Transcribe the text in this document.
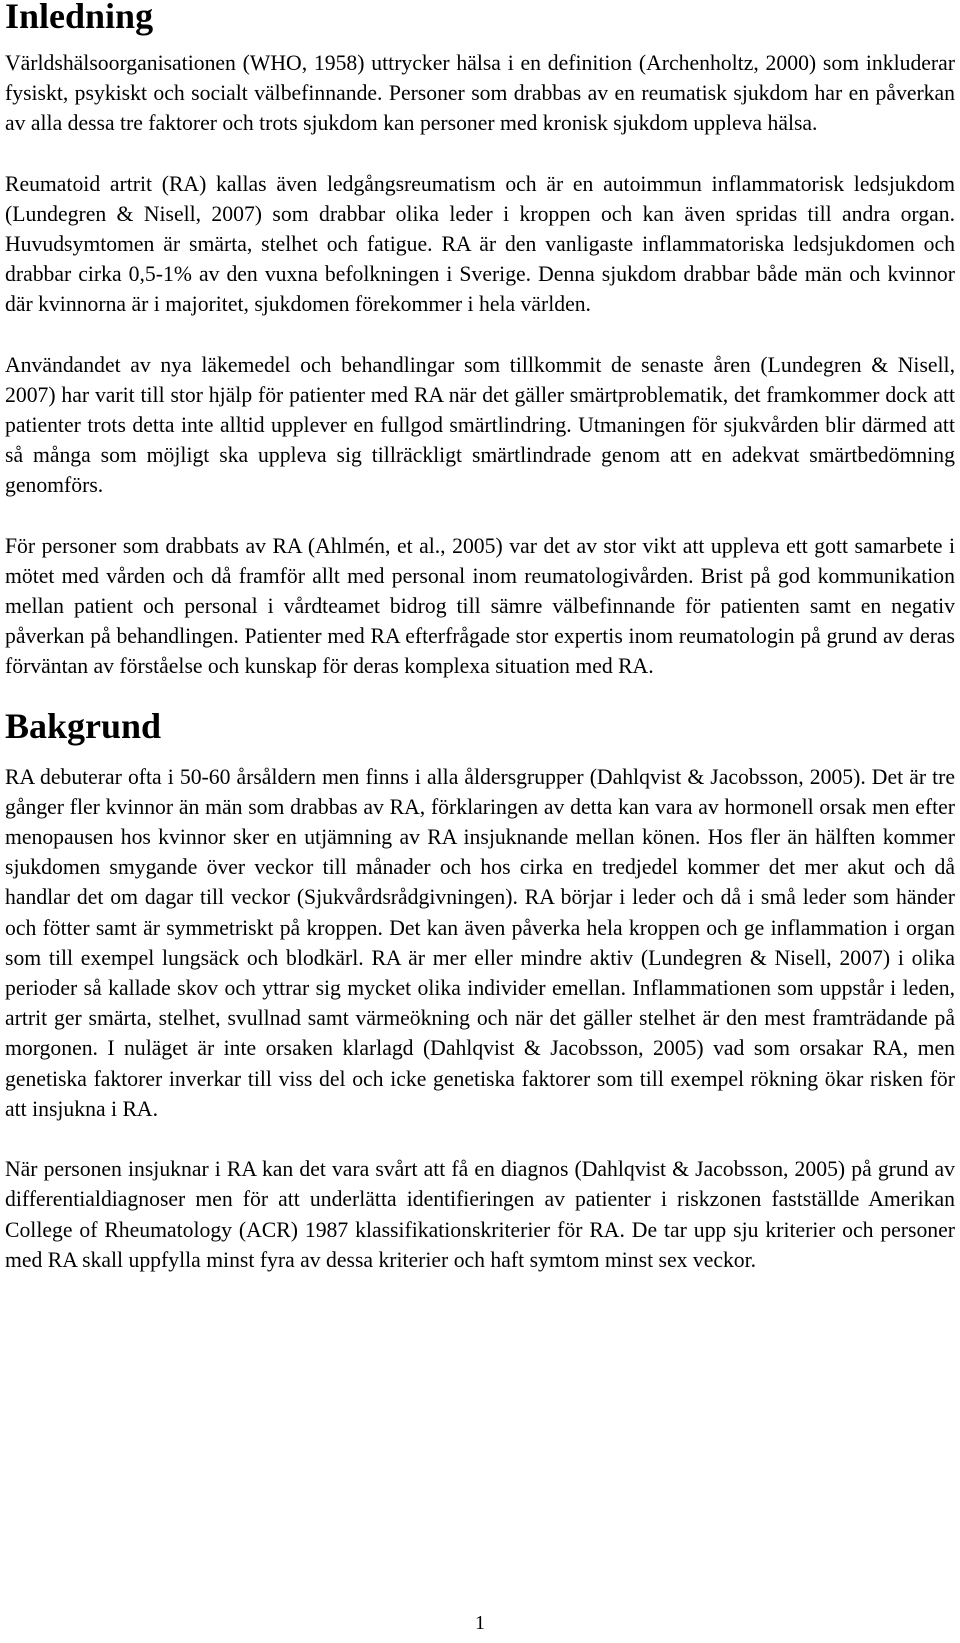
Inledning

Världshälsoorganisationen (WHO, 1958) uttrycker hälsa i en definition (Archenholtz, 2000) som inkluderar fysiskt, psykiskt och socialt välbefinnande. Personer som drabbas av en reumatisk sjukdom har en påverkan av alla dessa tre faktorer och trots sjukdom kan personer med kronisk sjukdom uppleva hälsa.

Reumatoid artrit (RA) kallas även ledgångsreumatism och är en autoimmun inflammatorisk ledsjukdom (Lundegren & Nisell, 2007) som drabbar olika leder i kroppen och kan även spridas till andra organ. Huvudsymtomen är smärta, stelhet och fatigue. RA är den vanligaste inflammatoriska ledsjukdomen och drabbar cirka 0,5-1% av den vuxna befolkningen i Sverige. Denna sjukdom drabbar både män och kvinnor där kvinnorna är i majoritet, sjukdomen förekommer i hela världen.

Användandet av nya läkemedel och behandlingar som tillkommit de senaste åren (Lundegren & Nisell, 2007) har varit till stor hjälp för patienter med RA när det gäller smärtproblematik, det framkommer dock att patienter trots detta inte alltid upplever en fullgod smärtlindring. Utmaningen för sjukvården blir därmed att så många som möjligt ska uppleva sig tillräckligt smärtlindrade genom att en adekvat smärtbedömning genomförs.

För personer som drabbats av RA (Ahlmén, et al., 2005) var det av stor vikt att uppleva ett gott samarbete i mötet med vården och då framför allt med personal inom reumatologivården. Brist på god kommunikation mellan patient och personal i vårdteamet bidrog till sämre välbefinnande för patienten samt en negativ påverkan på behandlingen. Patienter med RA efterfrågade stor expertis inom reumatologin på grund av deras förväntan av förståelse och kunskap för deras komplexa situation med RA.

Bakgrund

RA debuterar ofta i 50-60 årsåldern men finns i alla åldersgrupper (Dahlqvist & Jacobsson, 2005). Det är tre gånger fler kvinnor än män som drabbas av RA, förklaringen av detta kan vara av hormonell orsak men efter menopausen hos kvinnor sker en utjämning av RA insjuknande mellan könen. Hos fler än hälften kommer sjukdomen smygande över veckor till månader och hos cirka en tredjedel kommer det mer akut och då handlar det om dagar till veckor (Sjukvårdsrådgivningen). RA börjar i leder och då i små leder som händer och fötter samt är symmetriskt på kroppen. Det kan även påverka hela kroppen och ge inflammation i organ som till exempel lungsäck och blodkärl. RA är mer eller mindre aktiv (Lundegren & Nisell, 2007) i olika perioder så kallade skov och yttrar sig mycket olika individer emellan. Inflammationen som uppstår i leden, artrit ger smärta, stelhet, svullnad samt värmeökning och när det gäller stelhet är den mest framträdande på morgonen. I nuläget är inte orsaken klarlagd (Dahlqvist & Jacobsson, 2005) vad som orsakar RA, men genetiska faktorer inverkar till viss del och icke genetiska faktorer som till exempel rökning ökar risken för att insjukna i RA.

När personen insjuknar i RA kan det vara svårt att få en diagnos (Dahlqvist & Jacobsson, 2005) på grund av differentialdiagnoser men för att underlätta identifieringen av patienter i riskzonen fastställde Amerikan College of Rheumatology (ACR) 1987 klassifikationskriterier för RA. De tar upp sju kriterier och personer med RA skall uppfylla minst fyra av dessa kriterier och haft symtom minst sex veckor.

1
